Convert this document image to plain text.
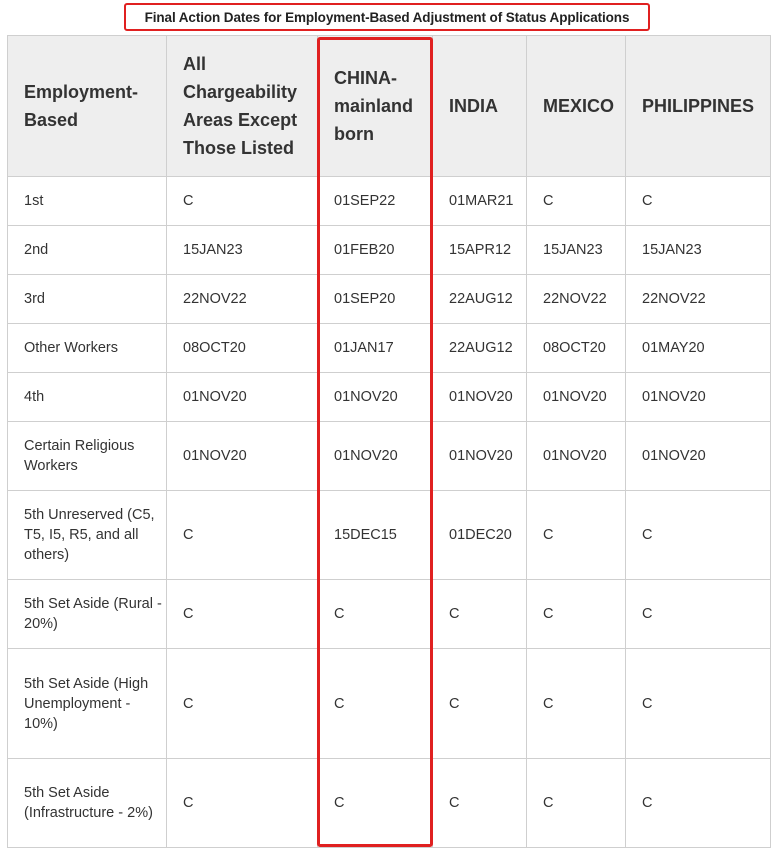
Final Action Dates for Employment-Based Adjustment of Status Applications
Employment-Based	All Chargeability Areas Except Those Listed	CHINA-mainland born	INDIA	MEXICO	PHILIPPINES
1st	C	01SEP22	01MAR21	C	C
2nd	15JAN23	01FEB20	15APR12	15JAN23	15JAN23
3rd	22NOV22	01SEP20	22AUG12	22NOV22	22NOV22
Other Workers	08OCT20	01JAN17	22AUG12	08OCT20	01MAY20
4th	01NOV20	01NOV20	01NOV20	01NOV20	01NOV20
Certain Religious Workers	01NOV20	01NOV20	01NOV20	01NOV20	01NOV20
5th Unreserved (C5, T5, I5, R5, and all others)	C	15DEC15	01DEC20	C	C
5th Set Aside (Rural - 20%)	C	C	C	C	C
5th Set Aside (High Unemployment - 10%)	C	C	C	C	C
5th Set Aside (Infrastructure - 2%)	C	C	C	C	C
